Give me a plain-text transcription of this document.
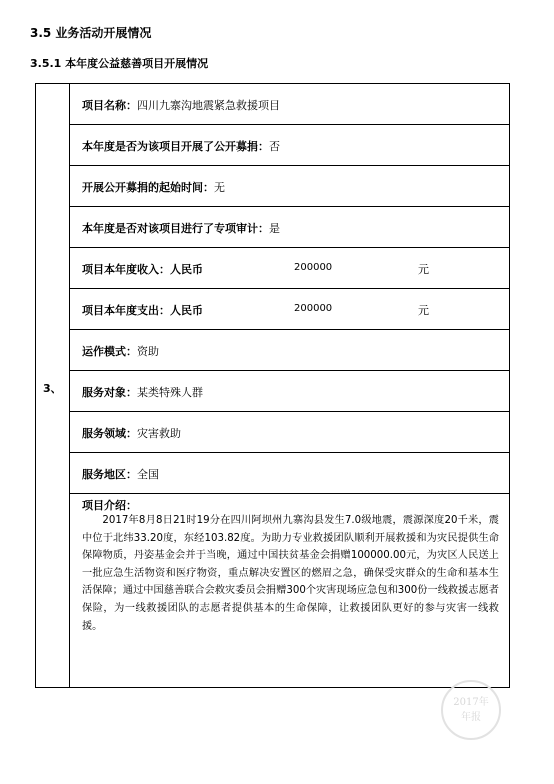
3.5 业务活动开展情况
3.5.1 本年度公益慈善项目开展情况
3、
项目名称：四川九寨沟地震紧急救援项目
本年度是否为该项目开展了公开募捐：否
开展公开募捐的起始时间：无
本年度是否对该项目进行了专项审计：是
项目本年度收入：人民币	200000	元
项目本年度支出：人民币	200000	元
运作模式：资助
服务对象：某类特殊人群
服务领域：灾害救助
服务地区：全国
项目介绍：

2017年8月8日21时19分在四川阿坝州九寨沟县发生7.0级地震，震源深度20千米，震中位于北纬33.20度，东经103.82度。为助力专业救援团队顺利开展救援和为灾民提供生命保障物质，丹姿基金会并于当晚，通过中国扶贫基金会捐赠100000.00元，为灾区人民送上一批应急生活物资和医疗物资，重点解决安置区的燃眉之急，确保受灾群众的生命和基本生活保障；通过中国慈善联合会救灾委员会捐赠300个灾害现场应急包和300份一线救援志愿者保险，为一线救援团队的志愿者提供基本的生命保障，让救援团队更好的参与灾害一线救援。

2017年
年报
